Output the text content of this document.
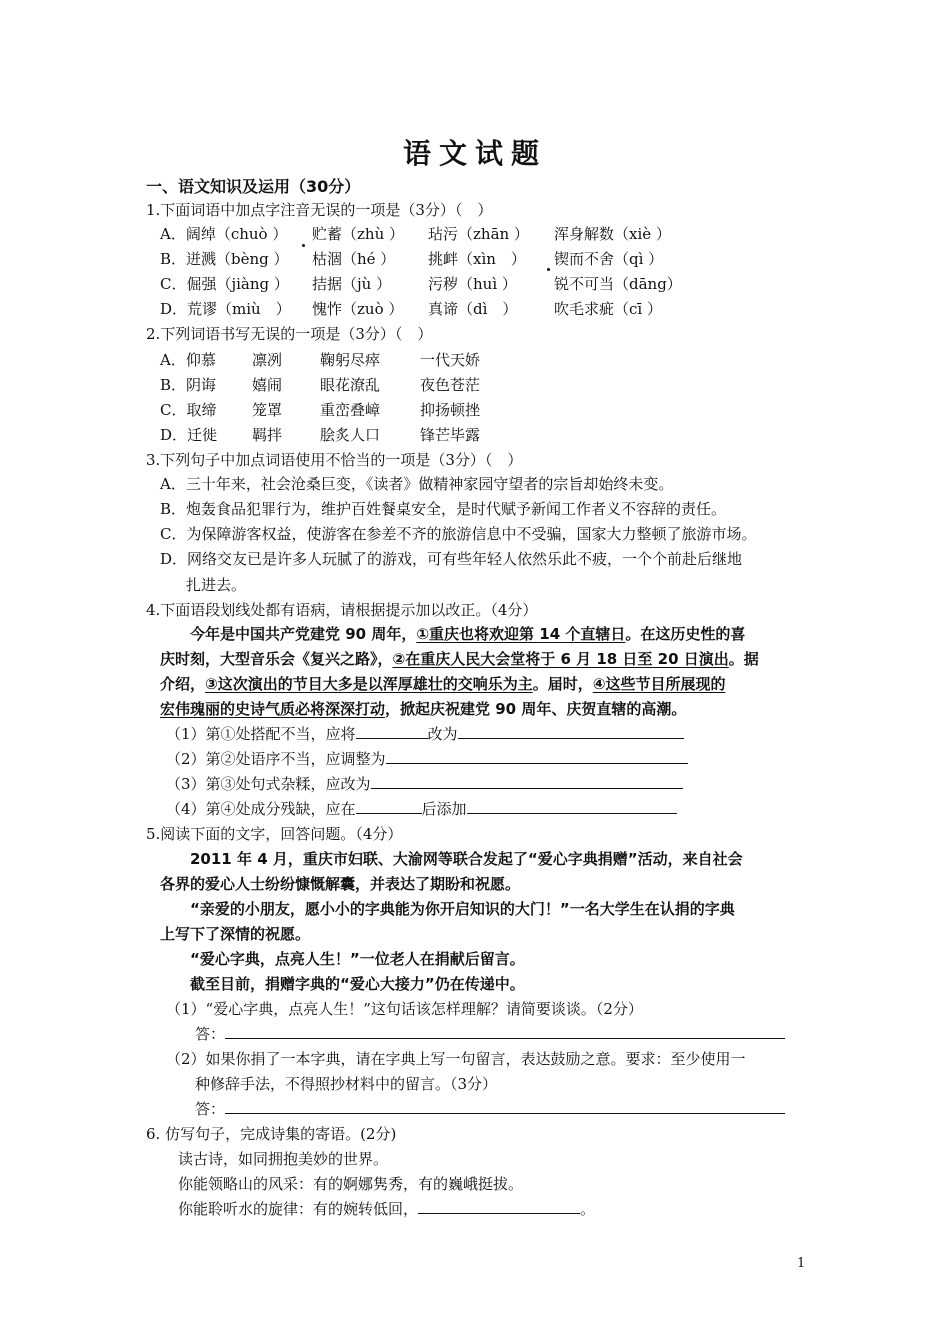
语文试题
一、语文知识及运用（30分）
1.下面词语中加点字注音无误的一项是（3分）（　）
A．阔绰（chuò ） 贮蓄（zhù ） 玷污（zhān ） 浑身解数（xiè ）
B．迸溅（bèng ） 枯涸（hé ） 挑衅（xìn　） 锲而不舍（qì ）
C．倔强（jiàng ） 拮据（jù ） 污秽（huì ） 锐不可当（dāng）
D．荒谬（miù　） 愧怍（zuò ） 真谛（dì　） 吹毛求疵（cī ）
2.下列词语书写无误的一项是（3分）（　）
A．仰慕 凛冽	鞠躬尽瘁	一代天娇
B．阴诲 嬉闹	眼花潦乱	夜色苍茫
C．取缔 笼罩	重峦叠嶂	抑扬顿挫
D．迁徙 羁拌	脍炙人口	锋芒毕露
3.下列句子中加点词语使用不恰当的一项是（3分）（　）
A．三十年来，社会沧桑巨变，《读者》做精神家园守望者的宗旨却始终未变。
B．炮轰食品犯罪行为，维护百姓餐桌安全，是时代赋予新闻工作者义不容辞的责任。
C．为保障游客权益，使游客在参差不齐的旅游信息中不受骗，国家大力整顿了旅游市场。
D．网络交友已是许多人玩腻了的游戏，可有些年轻人依然乐此不疲，一个个前赴后继地
扎进去。
4.下面语段划线处都有语病，请根据提示加以改正。（4分）

今年是中国共产党建党 90 周年，①重庆也将欢迎第 14 个直辖日。在这历史性的喜

庆时刻，大型音乐会《复兴之路》，②在重庆人民大会堂将于 6 月 18 日至 20 日演出。据

介绍，③这次演出的节目大多是以浑厚雄壮的交响乐为主。届时，④这些节目所展现的

宏伟瑰丽的史诗气质必将深深打动，掀起庆祝建党 90 周年、庆贺直辖的高潮。

（1）第①处搭配不当，应将	改为
（2）第②处语序不当，应调整为
（3）第③处句式杂糅，应改为
（4）第④处成分残缺，应在	后添加
5.阅读下面的文字，回答问题。（4分）

2011 年 4 月，重庆市妇联、大渝网等联合发起了“爱心字典捐赠”活动，来自社会

各界的爱心人士纷纷慷慨解囊，并表达了期盼和祝愿。

“亲爱的小朋友，愿小小的字典能为你开启知识的大门！”一名大学生在认捐的字典

上写下了深情的祝愿。

“爱心字典，点亮人生！”一位老人在捐献后留言。

截至目前，捐赠字典的“爱心大接力”仍在传递中。

（1）“爱心字典，点亮人生！”这句话该怎样理解？请简要谈谈。（2分）
答：
（2）如果你捐了一本字典，请在字典上写一句留言，表达鼓励之意。要求：至少使用一
种修辞手法，不得照抄材料中的留言。（3分）
答：
6. 仿写句子，完成诗集的寄语。(2分)
读古诗，如同拥抱美妙的世界。
你能领略山的风采：有的婀娜隽秀，有的巍峨挺拔。
你能聆听水的旋律：有的婉转低回，	。
1
